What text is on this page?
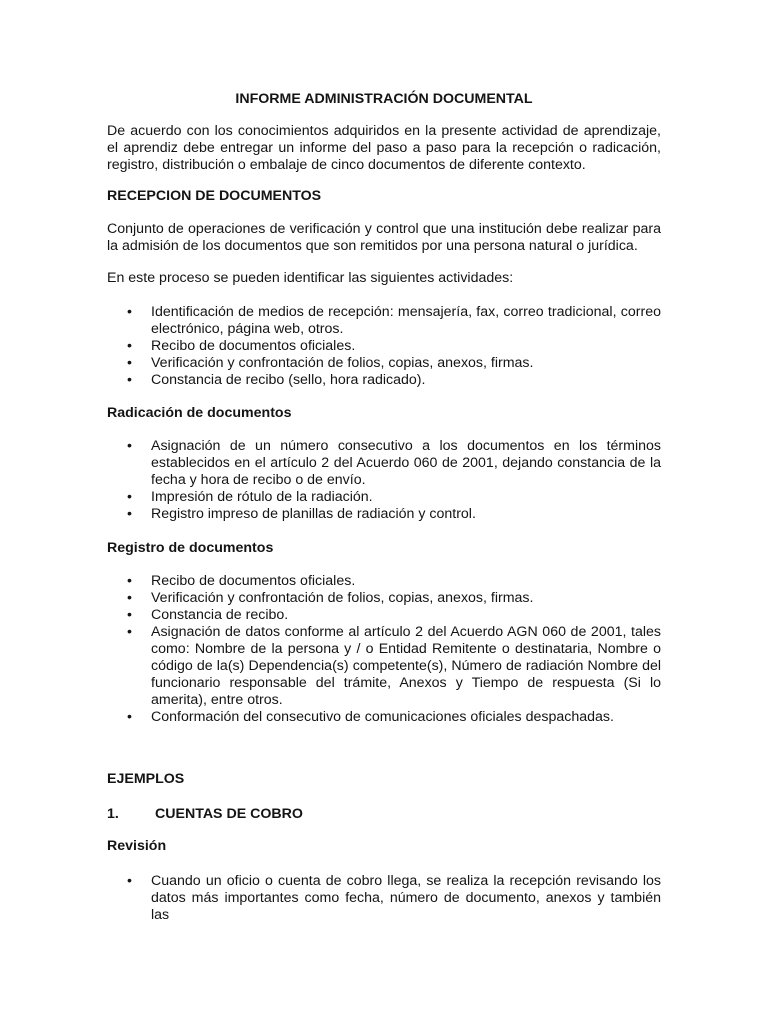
INFORME ADMINISTRACIÓN DOCUMENTAL

De acuerdo con los conocimientos adquiridos en la presente actividad de aprendizaje, el aprendiz debe entregar un informe del paso a paso para la recepción o radicación, registro, distribución o embalaje de cinco documentos de diferente contexto.

RECEPCION DE DOCUMENTOS

Conjunto de operaciones de verificación y control que una institución debe realizar para la admisión de los documentos que son remitidos por una persona natural o jurídica.

En este proceso se pueden identificar las siguientes actividades:

• Identificación de medios de recepción: mensajería, fax, correo tradicional, correo electrónico, página web, otros.
• Recibo de documentos oficiales.
• Verificación y confrontación de folios, copias, anexos, firmas.
• Constancia de recibo (sello, hora radicado).

Radicación de documentos

• Asignación de un número consecutivo a los documentos en los términos establecidos en el artículo 2 del Acuerdo 060 de 2001, dejando constancia de la fecha y hora de recibo o de envío.
• Impresión de rótulo de la radiación.
• Registro impreso de planillas de radiación y control.

Registro de documentos

• Recibo de documentos oficiales.
• Verificación y confrontación de folios, copias, anexos, firmas.
• Constancia de recibo.
• Asignación de datos conforme al artículo 2 del Acuerdo AGN 060 de 2001, tales como: Nombre de la persona y / o Entidad Remitente o destinataria, Nombre o código de la(s) Dependencia(s) competente(s), Número de radiación Nombre del funcionario responsable del trámite, Anexos y Tiempo de respuesta (Si lo amerita), entre otros.
• Conformación del consecutivo de comunicaciones oficiales despachadas.

EJEMPLOS

1.	CUENTAS DE COBRO

Revisión

• Cuando un oficio o cuenta de cobro llega, se realiza la recepción revisando los datos más importantes como fecha, número de documento, anexos y también las
